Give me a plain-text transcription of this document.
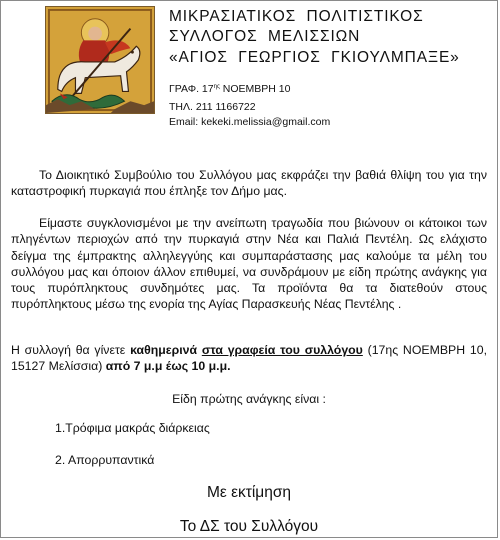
ΜΙΚΡΑΣΙΑΤΙΚΟΣ  ΠΟΛΙΤΙΣΤΙΚΟΣ
ΣΥΛΛΟΓΟΣ  ΜΕΛΙΣΣΙΩΝ
«ΑΓΙΟΣ  ΓΕΩΡΓΙΟΣ  ΓΚΙΟΥΛΜΠΑΞΕ»
ΓΡΑΦ. $17^{\eta\varsigma}$ ΝΟΕΜΒΡΗ 10
ΤΗΛ. 211 1166722
Email: kekeki.melissia@gmail.com
Το Διοικητικό Συμβούλιο του Συλλόγου μας εκφράζει την βαθιά θλίψη του για την καταστροφική πυρκαγιά που έπληξε τον Δήμο μας.
Είμαστε συγκλονισμένοι με την ανείπωτη τραγωδία που βιώνουν οι κάτοικοι των πληγέντων περιοχών από την πυρκαγιά στην Νέα και Παλιά Πεντέλη. Ως ελάχιστο δείγμα της έμπρακτης αλληλεγγύης και συμπαράστασης μας καλούμε τα μέλη του συλλόγου μας και όποιον άλλον επιθυμεί, να συνδράμουν με είδη πρώτης ανάγκης για τους πυρόπληκτους συνδημότες μας. Τα προϊόντα θα τα διατεθούν στους πυρόπληκτους μέσω της ενορία της Αγίας Παρασκευής Νέας Πεντέλης .
Η συλλογή θα γίνετε καθημερινά στα γραφεία του συλλόγου (17ης ΝΟΕΜΒΡΗ 10, 15127 Μελίσσια) από 7 μ.μ έως 10 μ.μ.
Είδη πρώτης ανάγκης είναι :
1.Τρόφιμα μακράς διάρκειας
2. Απορρυπαντικά
Με εκτίμηση
Το ΔΣ του Συλλόγου
